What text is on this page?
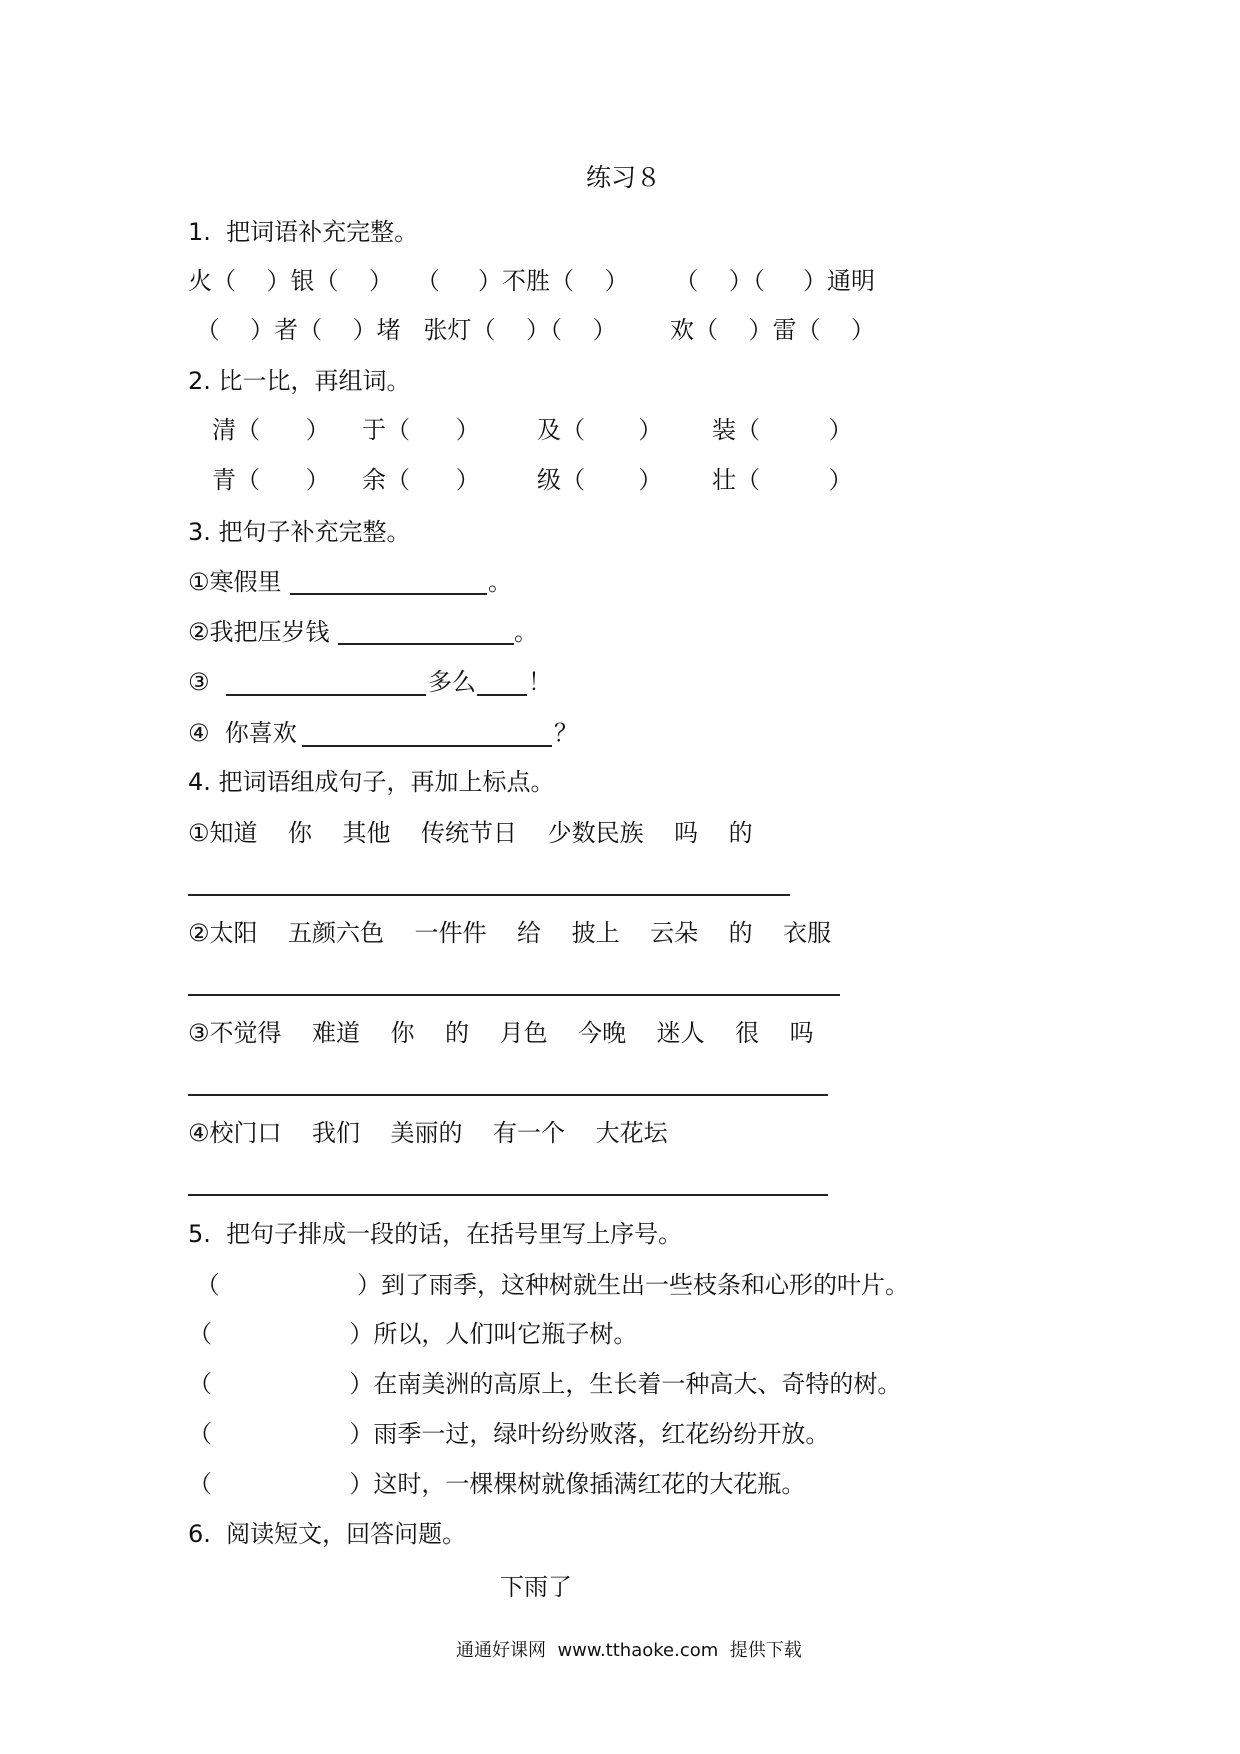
练习８
1.  把词语补充完整。
火（    ）银（    ）   （     ）不胜（    ）      （    ）（     ）通明
（    ）者（    ）堵   张灯（    ）（    ）       欢（    ）雷（    ）
2. 比一比，再组词。
清（      ） 于（      ） 及（       ） 装（         ）
青（      ） 余（      ） 级（       ） 壮（         ）
3. 把句子补充完整。
①寒假里	。
②我把压岁钱	。
③	多么 ！
④  你喜欢	？
4. 把词语组成句子，再加上标点。
①知道    你    其他    传统节日    少数民族    吗    的
②太阳    五颜六色    一件件    给    披上    云朵    的    衣服
③不觉得    难道    你    的    月色    今晚    迷人    很    吗
④校门口    我们    美丽的    有一个    大花坛
5.  把句子排成一段的话，在括号里写上序号。
（                  ）到了雨季，这种树就生出一些枝条和心形的叶片。
（                  ）所以，人们叫它瓶子树。
（                  ）在南美洲的高原上，生长着一种高大、奇特的树。
（                  ）雨季一过，绿叶纷纷败落，红花纷纷开放。
（                  ）这时，一棵棵树就像插满红花的大花瓶。
6.  阅读短文，回答问题。
下雨了
通通好课网  www.tthaoke.com  提供下载
